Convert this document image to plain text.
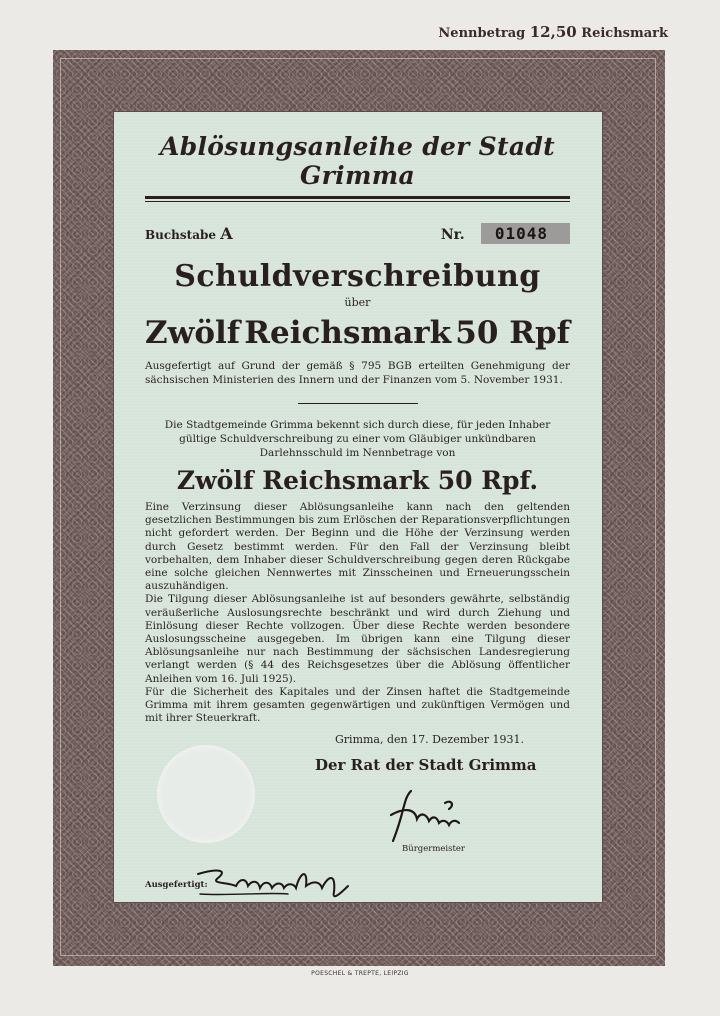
Nennbetrag 12,50 Reichsmark
Ablösungsanleihe der Stadt Grimma
Buchstabe A	Nr. 01048
Schuldverschreibung
über
Zwölf Reichsmark 50 Rpf
Ausgefertigt auf Grund der gemäß § 795 BGB erteilten Genehmigung der sächsischen Ministerien des Innern und der Finanzen vom 5. November 1931.
Die Stadtgemeinde Grimma bekennt sich durch diese, für jeden Inhaber gültige Schuldverschreibung zu einer vom Gläubiger unkündbaren Darlehnsschuld im Nennbetrage von
Zwölf Reichsmark 50 Rpf.

Eine Verzinsung dieser Ablösungsanleihe kann nach den geltenden gesetzlichen Bestimmungen bis zum Erlöschen der Reparationsverpflichtungen nicht gefordert werden. Der Beginn und die Höhe der Verzinsung werden durch Gesetz bestimmt werden. Für den Fall der Verzinsung bleibt vorbehalten, dem Inhaber dieser Schuldverschreibung gegen deren Rückgabe eine solche gleichen Nennwertes mit Zinsscheinen und Erneuerungsschein auszuhändigen.

Die Tilgung dieser Ablösungsanleihe ist auf besonders gewährte, selbständig veräußerliche Auslosungsrechte beschränkt und wird durch Ziehung und Einlösung dieser Rechte vollzogen. Über diese Rechte werden besondere Auslosungsscheine ausgegeben. Im übrigen kann eine Tilgung dieser Ablösungsanleihe nur nach Bestimmung der sächsischen Landesregierung verlangt werden (§ 44 des Reichsgesetzes über die Ablösung öffentlicher Anleihen vom 16. Juli 1925).

Für die Sicherheit des Kapitales und der Zinsen haftet die Stadtgemeinde Grimma mit ihrem gesamten gegenwärtigen und zukünftigen Vermögen und mit ihrer Steuerkraft.

Grimma, den 17. Dezember 1931.
Der Rat der Stadt Grimma
Bürgermeister
Ausgefertigt:
POESCHEL & TREPTE, LEIPZIG
